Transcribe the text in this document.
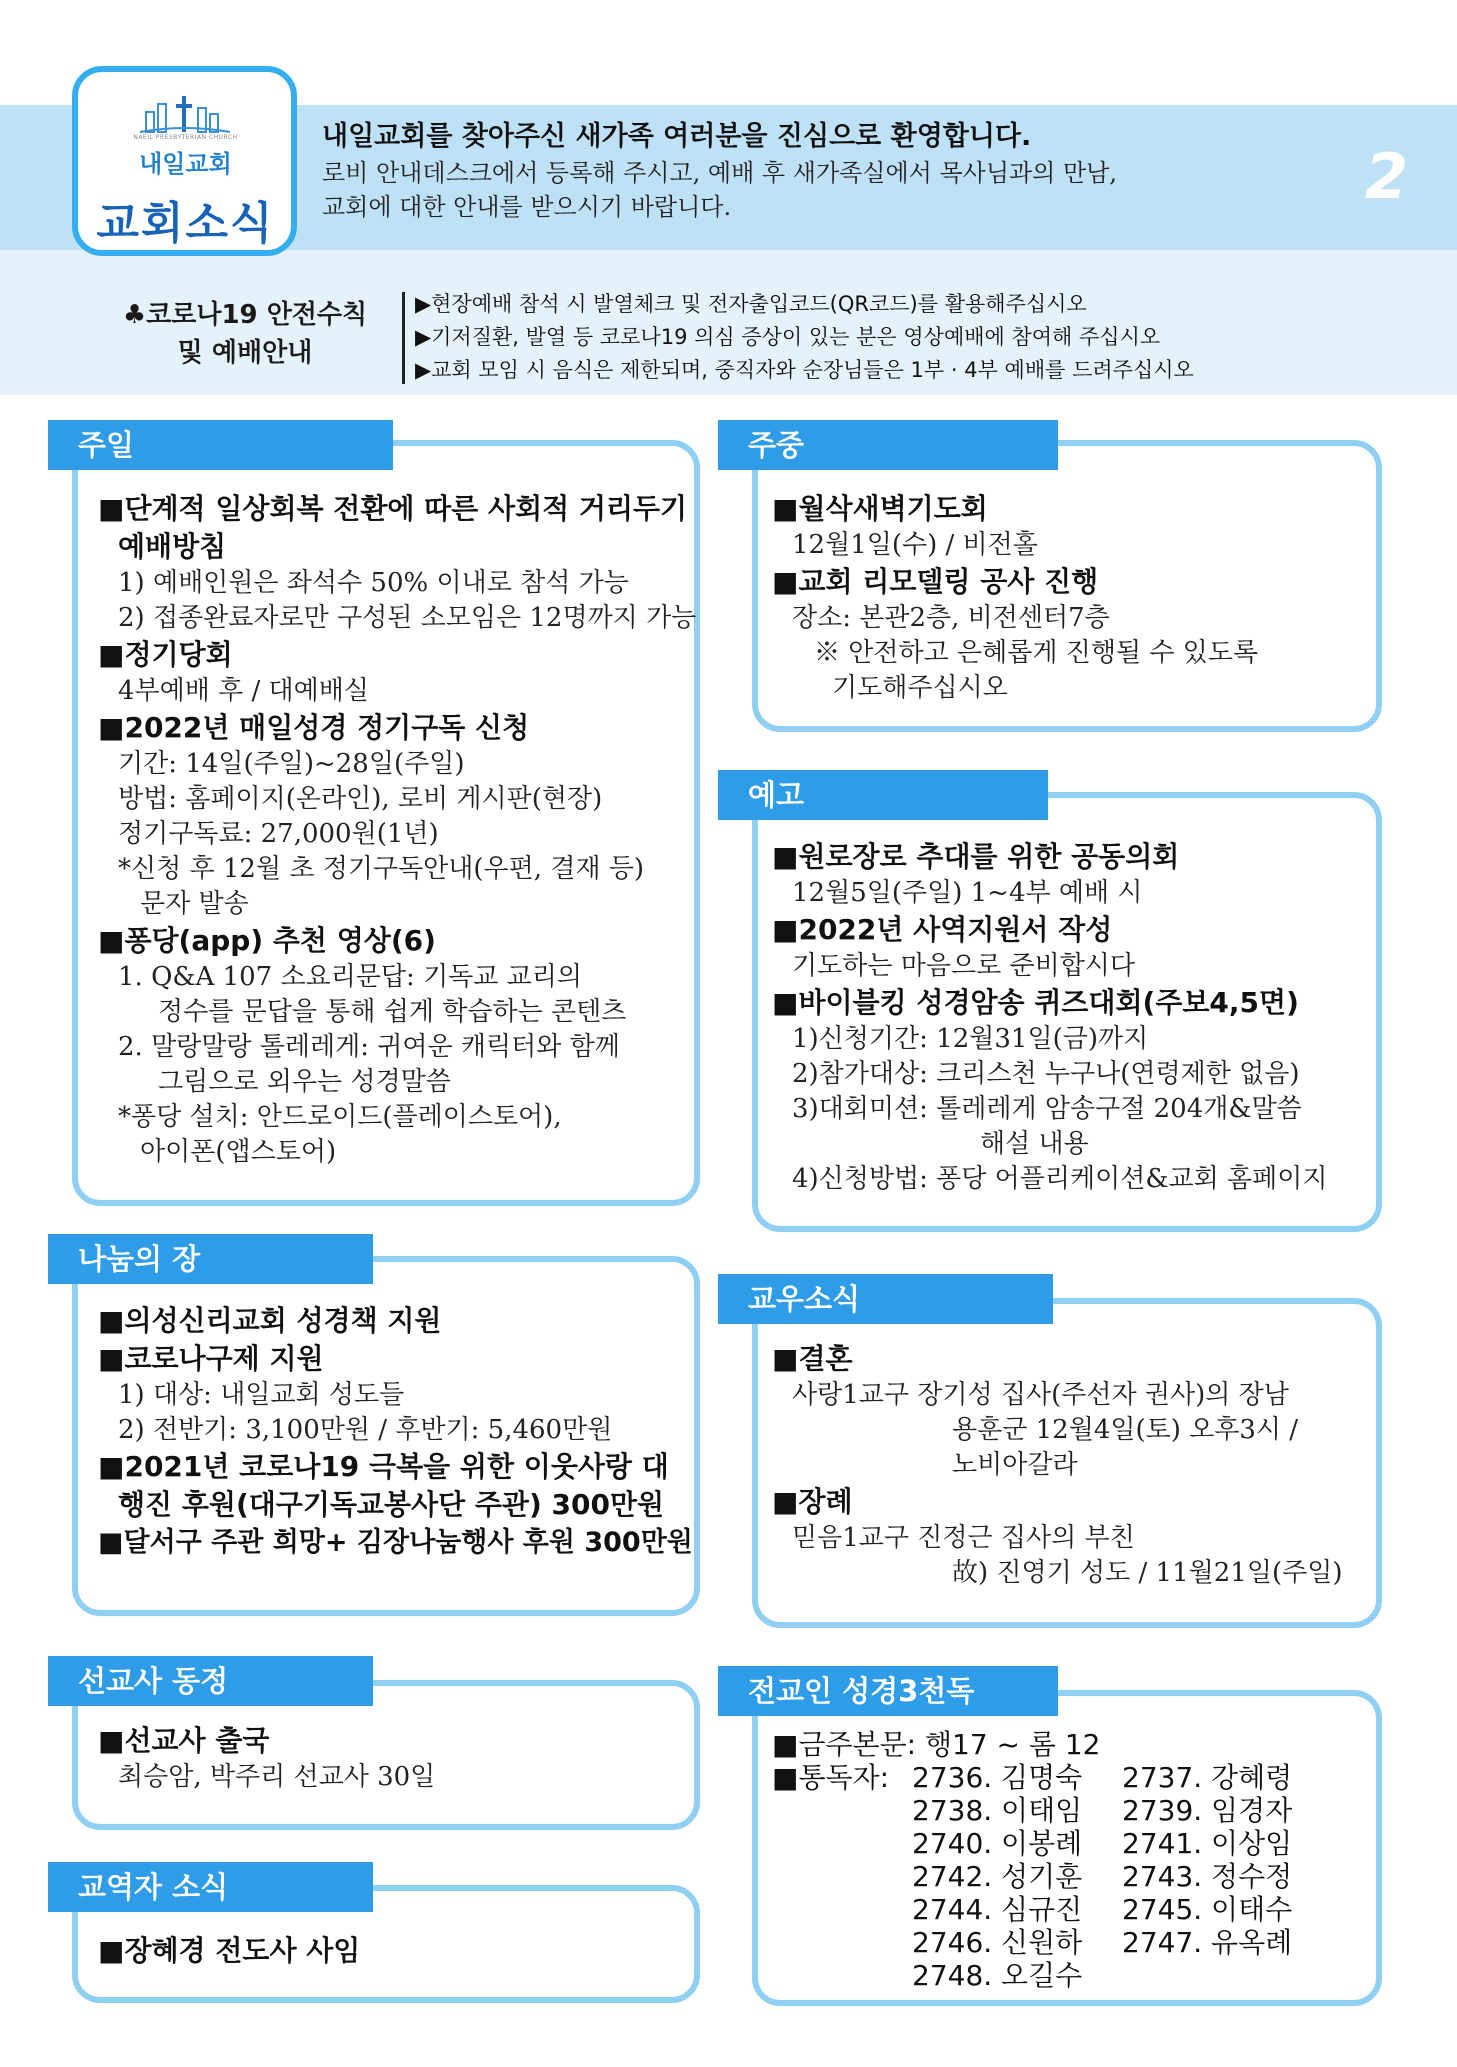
NAEIL PRESBYTERIAN CHURCH
내일교회
교회소식
내일교회를 찾아주신 새가족 여러분을 진심으로 환영합니다.
로비 안내데스크에서 등록해 주시고, 예배 후 새가족실에서 목사님과의 만남,
교회에 대한 안내를 받으시기 바랍니다.	2
♣코로나19 안전수칙
및 예배안내
▶현장예배 참석 시 발열체크 및 전자출입코드(QR코드)를 활용해주십시오
▶기저질환, 발열 등 코로나19 의심 증상이 있는 분은 영상예배에 참여해 주십시오
▶교회 모임 시 음식은 제한되며, 중직자와 순장님들은 1부 · 4부 예배를 드려주십시오
주일
■단계적 일상회복 전환에 따른 사회적 거리두기
예배방침
1) 예배인원은 좌석수 50% 이내로 참석 가능
2) 접종완료자로만 구성된 소모임은 12명까지 가능
■정기당회
4부예배 후 / 대예배실
■2022년 매일성경 정기구독 신청
기간: 14일(주일)~28일(주일)
방법: 홈페이지(온라인), 로비 게시판(현장)
정기구독료: 27,000원(1년)
*신청 후 12월 초 정기구독안내(우편, 결재 등)
문자 발송
■퐁당(app) 추천 영상(6)
1. Q&A 107 소요리문답: 기독교 교리의
정수를 문답을 통해 쉽게 학습하는 콘텐츠
2. 말랑말랑 톨레레게: 귀여운 캐릭터와 함께
그림으로 외우는 성경말씀
*퐁당 설치: 안드로이드(플레이스토어),
아이폰(앱스토어)
주중
■월삭새벽기도회
12월1일(수) / 비전홀
■교회 리모델링 공사 진행
장소: 본관2층, 비전센터7층
※ 안전하고 은혜롭게 진행될 수 있도록
기도해주십시오
예고
■원로장로 추대를 위한 공동의회
12월5일(주일) 1~4부 예배 시
■2022년 사역지원서 작성
기도하는 마음으로 준비합시다
■바이블킹 성경암송 퀴즈대회(주보4,5면)
1)신청기간: 12월31일(금)까지
2)참가대상: 크리스천 누구나(연령제한 없음)
3)대회미션: 톨레레게 암송구절 204개&말씀
해설 내용
4)신청방법: 퐁당 어플리케이션&교회 홈페이지
나눔의 장
■의성신리교회 성경책 지원
■코로나구제 지원
1) 대상: 내일교회 성도들
2) 전반기: 3,100만원 / 후반기: 5,460만원
■2021년 코로나19 극복을 위한 이웃사랑 대
행진 후원(대구기독교봉사단 주관) 300만원
■달서구 주관 희망+ 김장나눔행사 후원 300만원
교우소식
■결혼
사랑1교구 장기성 집사(주선자 권사)의 장남
용훈군 12월4일(토) 오후3시 /
노비아갈라
■장례
믿음1교구 진정근 집사의 부친
故) 진영기 성도 / 11월21일(주일)
선교사 동정
■선교사 출국
최승암, 박주리 선교사 30일
교역자 소식
■장혜경 전도사 사임
전교인 성경3천독
■금주본문: 행17 ~ 롬 12
■통독자: 2736. 김명숙 2737. 강혜령
2738. 이태임 2739. 임경자
2740. 이봉례 2741. 이상임
2742. 성기훈 2743. 정수정
2744. 심규진 2745. 이태수
2746. 신원하 2747. 유옥례
2748. 오길수
